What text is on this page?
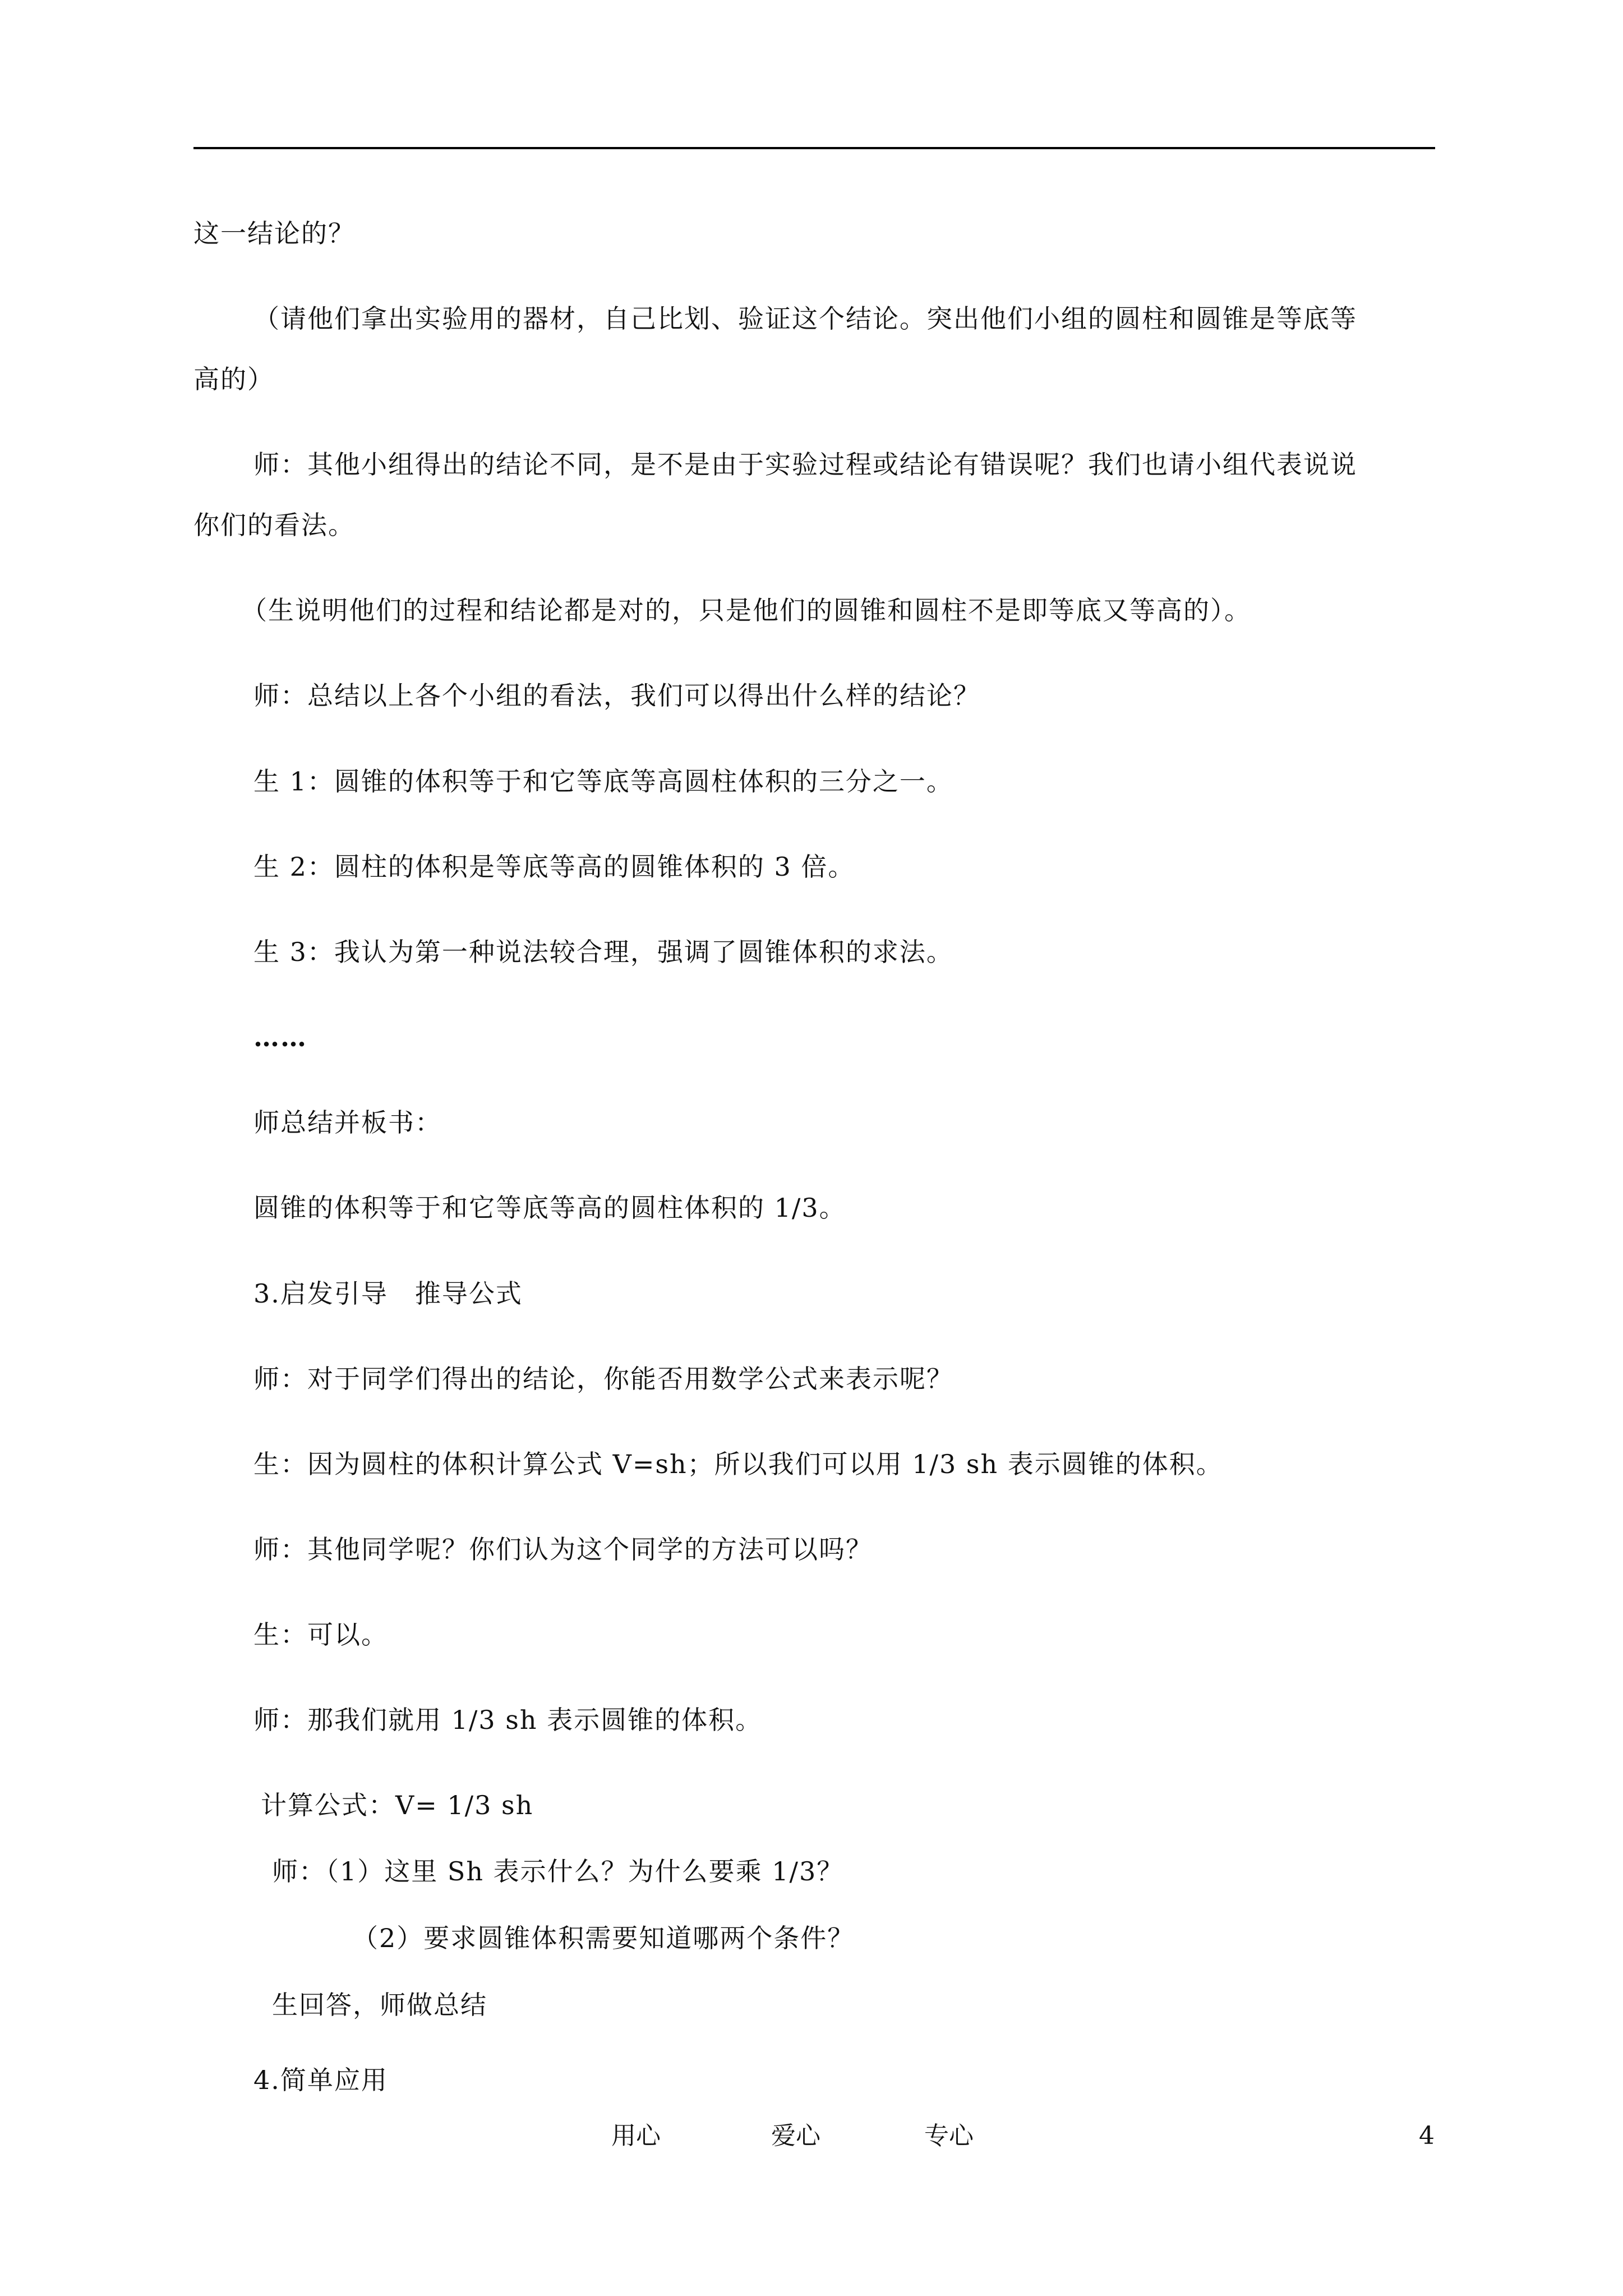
这一结论的？
（请他们拿出实验用的器材，自己比划、验证这个结论。突出他们小组的圆柱和圆锥是等底等
高的）
师：其他小组得出的结论不同，是不是由于实验过程或结论有错误呢？我们也请小组代表说说
你们的看法。
（生说明他们的过程和结论都是对的，只是他们的圆锥和圆柱不是即等底又等高的）。
师：总结以上各个小组的看法，我们可以得出什么样的结论？
生 1：圆锥的体积等于和它等底等高圆柱体积的三分之一。
生 2：圆柱的体积是等底等高的圆锥体积的 3 倍。
生 3：我认为第一种说法较合理，强调了圆锥体积的求法。
……
师总结并板书：
圆锥的体积等于和它等底等高的圆柱体积的 1/3。
3.启发引导　推导公式
师：对于同学们得出的结论，你能否用数学公式来表示呢？
生：因为圆柱的体积计算公式 V=sh；所以我们可以用 1/3 sh 表示圆锥的体积。
师：其他同学呢？你们认为这个同学的方法可以吗？
生：可以。
师：那我们就用 1/3 sh 表示圆锥的体积。
计算公式：V= 1/3 sh
师：（1）这里 Sh 表示什么？为什么要乘 1/3？
（2）要求圆锥体积需要知道哪两个条件？
生回答，师做总结
4.简单应用
用心	爱心	专心	4
